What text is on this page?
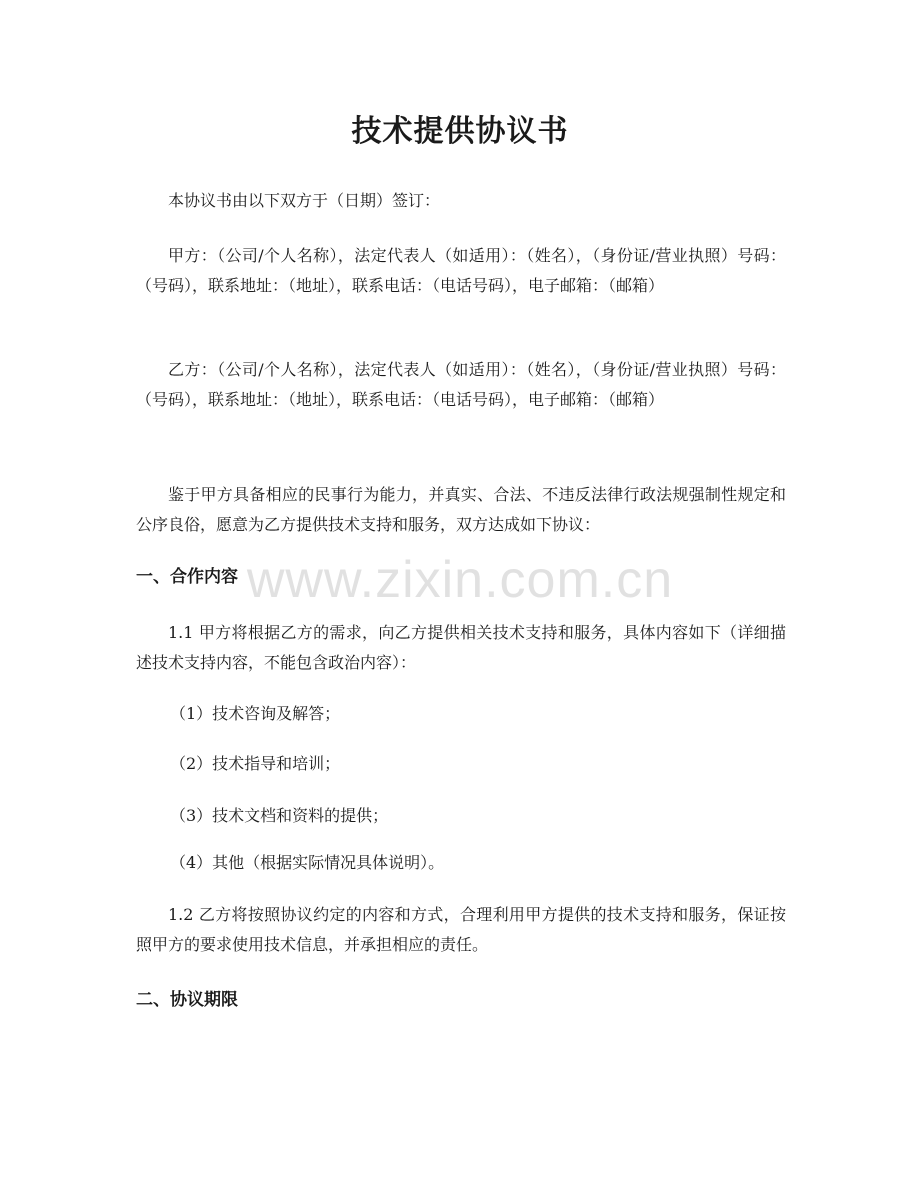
技术提供协议书
本协议书由以下双方于（日期）签订：
甲方：（公司/个人名称），法定代表人（如适用）：（姓名），（身份证/营业执照）号码：（号码），联系地址：（地址），联系电话：（电话号码），电子邮箱：（邮箱）
乙方：（公司/个人名称），法定代表人（如适用）：（姓名），（身份证/营业执照）号码：（号码），联系地址：（地址），联系电话：（电话号码），电子邮箱：（邮箱）
鉴于甲方具备相应的民事行为能力，并真实、合法、不违反法律行政法规强制性规定和公序良俗，愿意为乙方提供技术支持和服务，双方达成如下协议：
一、合作内容
1.1 甲方将根据乙方的需求，向乙方提供相关技术支持和服务，具体内容如下（详细描述技术支持内容，不能包含政治内容）：
（1）技术咨询及解答；
（2）技术指导和培训；
（3）技术文档和资料的提供；
（4）其他（根据实际情况具体说明）。
1.2 乙方将按照协议约定的内容和方式，合理利用甲方提供的技术支持和服务，保证按照甲方的要求使用技术信息，并承担相应的责任。
二、协议期限
www.zixin.com.cn
